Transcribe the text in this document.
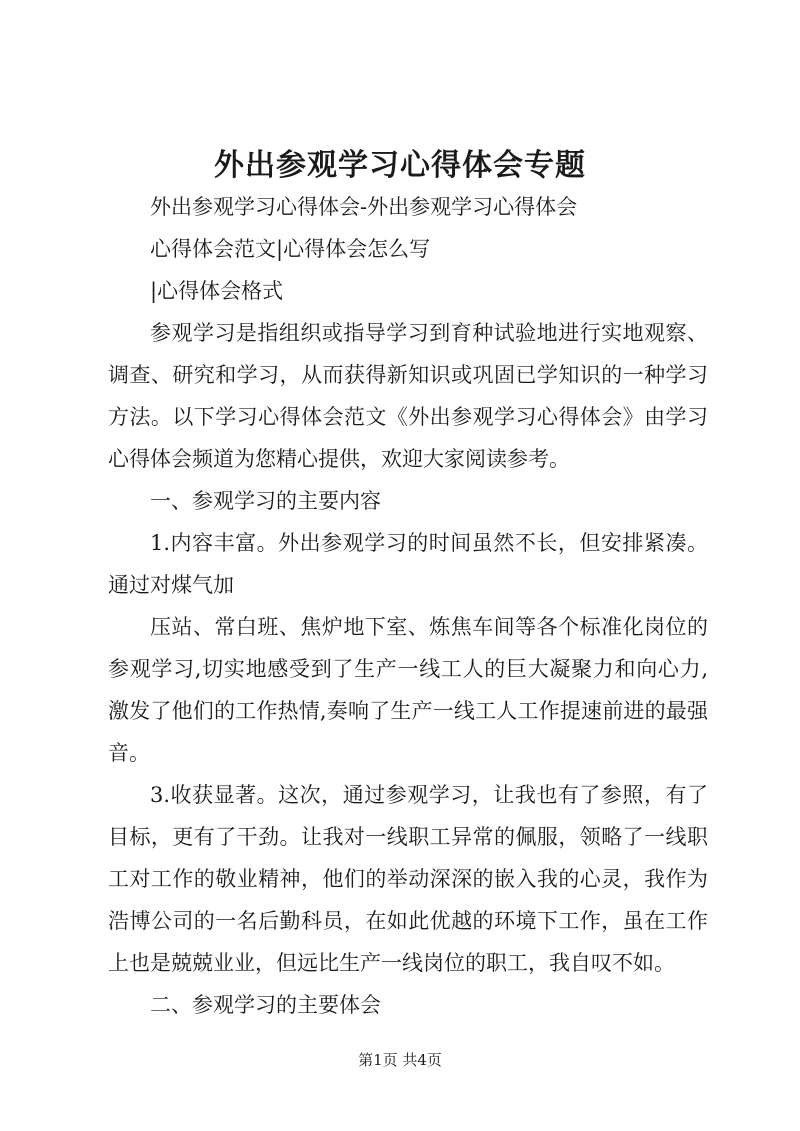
外出参观学习心得体会专题

外出参观学习心得体会-外出参观学习心得体会

心得体会范文|心得体会怎么写

|心得体会格式

参观学习是指组织或指导学习到育种试验地进行实地观察、调查、研究和学习，从而获得新知识或巩固已学知识的一种学习方法。以下学习心得体会范文《外出参观学习心得体会》由学习心得体会频道为您精心提供，欢迎大家阅读参考。

一、参观学习的主要内容

1.内容丰富。外出参观学习的时间虽然不长，但安排紧凑。通过对煤气加

压站、常白班、焦炉地下室、炼焦车间等各个标准化岗位的参观学习,切实地感受到了生产一线工人的巨大凝聚力和向心力,激发了他们的工作热情,奏响了生产一线工人工作提速前进的最强音。

3.收获显著。这次，通过参观学习，让我也有了参照，有了目标，更有了干劲。让我对一线职工异常的佩服，领略了一线职工对工作的敬业精神，他们的举动深深的嵌入我的心灵，我作为浩博公司的一名后勤科员，在如此优越的环境下工作，虽在工作上也是兢兢业业，但远比生产一线岗位的职工，我自叹不如。

二、参观学习的主要体会

第1页 共4页
